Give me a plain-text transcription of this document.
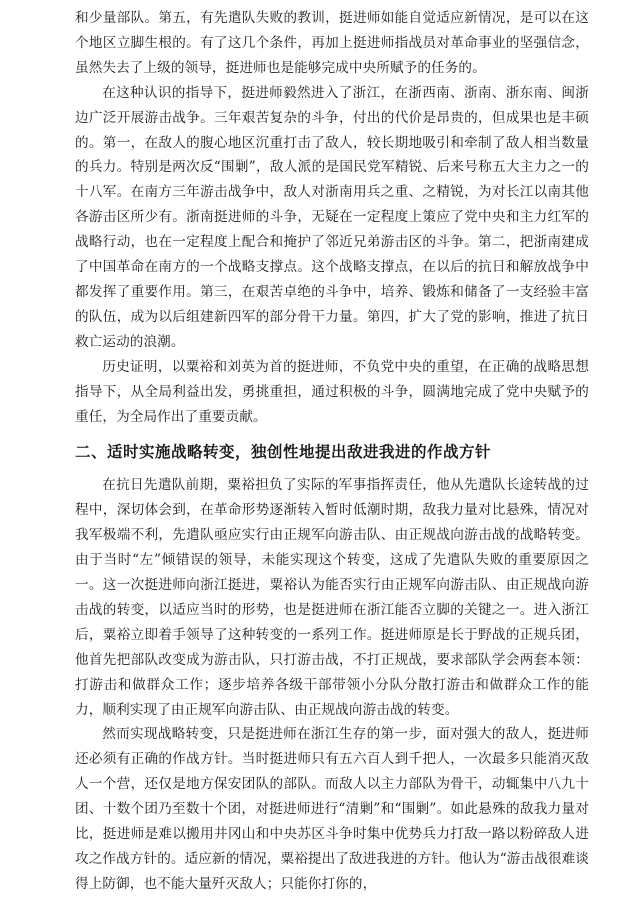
和少量部队。第五，有先遣队失败的教训，挺进师如能自觉适应新情况，是可以在这个地区立脚生根的。有了这几个条件，再加上挺进师指战员对革命事业的坚强信念，虽然失去了上级的领导，挺进师也是能够完成中央所赋予的任务的。

在这种认识的指导下，挺进师毅然进入了浙江，在浙西南、浙南、浙东南、闽浙边广泛开展游击战争。三年艰苦复杂的斗争，付出的代价是昂贵的，但成果也是丰硕的。第一，在敌人的腹心地区沉重打击了敌人，较长期地吸引和牵制了敌人相当数量的兵力。特别是两次反“围剿”，敌人派的是国民党军精锐、后来号称五大主力之一的十八军。在南方三年游击战争中，敌人对浙南用兵之重、之精锐，为对长江以南其他各游击区所少有。浙南挺进师的斗争，无疑在一定程度上策应了党中央和主力红军的战略行动，也在一定程度上配合和掩护了邻近兄弟游击区的斗争。第二，把浙南建成了中国革命在南方的一个战略支撑点。这个战略支撑点，在以后的抗日和解放战争中都发挥了重要作用。第三，在艰苦卓绝的斗争中，培养、锻炼和储备了一支经验丰富的队伍，成为以后组建新四军的部分骨干力量。第四，扩大了党的影响，推进了抗日救亡运动的浪潮。

历史证明，以粟裕和刘英为首的挺进师，不负党中央的重望，在正确的战略思想指导下，从全局利益出发，勇挑重担，通过积极的斗争，圆满地完成了党中央赋予的重任，为全局作出了重要贡献。

二、适时实施战略转变，独创性地提出敌进我进的作战方针

在抗日先遣队前期，粟裕担负了实际的军事指挥责任，他从先遣队长途转战的过程中，深切体会到，在革命形势逐渐转入暂时低潮时期，敌我力量对比悬殊，情况对我军极端不利，先遣队亟应实行由正规军向游击队、由正规战向游击战的战略转变。由于当时“左”倾错误的领导，未能实现这个转变，这成了先遣队失败的重要原因之一。这一次挺进师向浙江挺进，粟裕认为能否实行由正规军向游击队、由正规战向游击战的转变，以适应当时的形势，也是挺进师在浙江能否立脚的关键之一。进入浙江后，粟裕立即着手领导了这种转变的一系列工作。挺进师原是长于野战的正规兵团，他首先把部队改变成为游击队，只打游击战，不打正规战，要求部队学会两套本领：打游击和做群众工作；逐步培养各级干部带领小分队分散打游击和做群众工作的能力，顺利实现了由正规军向游击队、由正规战向游击战的转变。

然而实现战略转变，只是挺进师在浙江生存的第一步，面对强大的敌人，挺进师还必须有正确的作战方针。当时挺进师只有五六百人到千把人，一次最多只能消灭敌人一个营，还仅是地方保安团队的部队。而敌人以主力部队为骨干，动辄集中八九十团、十数个团乃至数十个团，对挺进师进行“清剿”和“围剿”。如此悬殊的敌我力量对比，挺进师是难以搬用井冈山和中央苏区斗争时集中优势兵力打敌一路以粉碎敌人进攻之作战方针的。适应新的情况，粟裕提出了敌进我进的方针。他认为“游击战很难谈得上防御，也不能大量歼灭敌人；只能你打你的，
